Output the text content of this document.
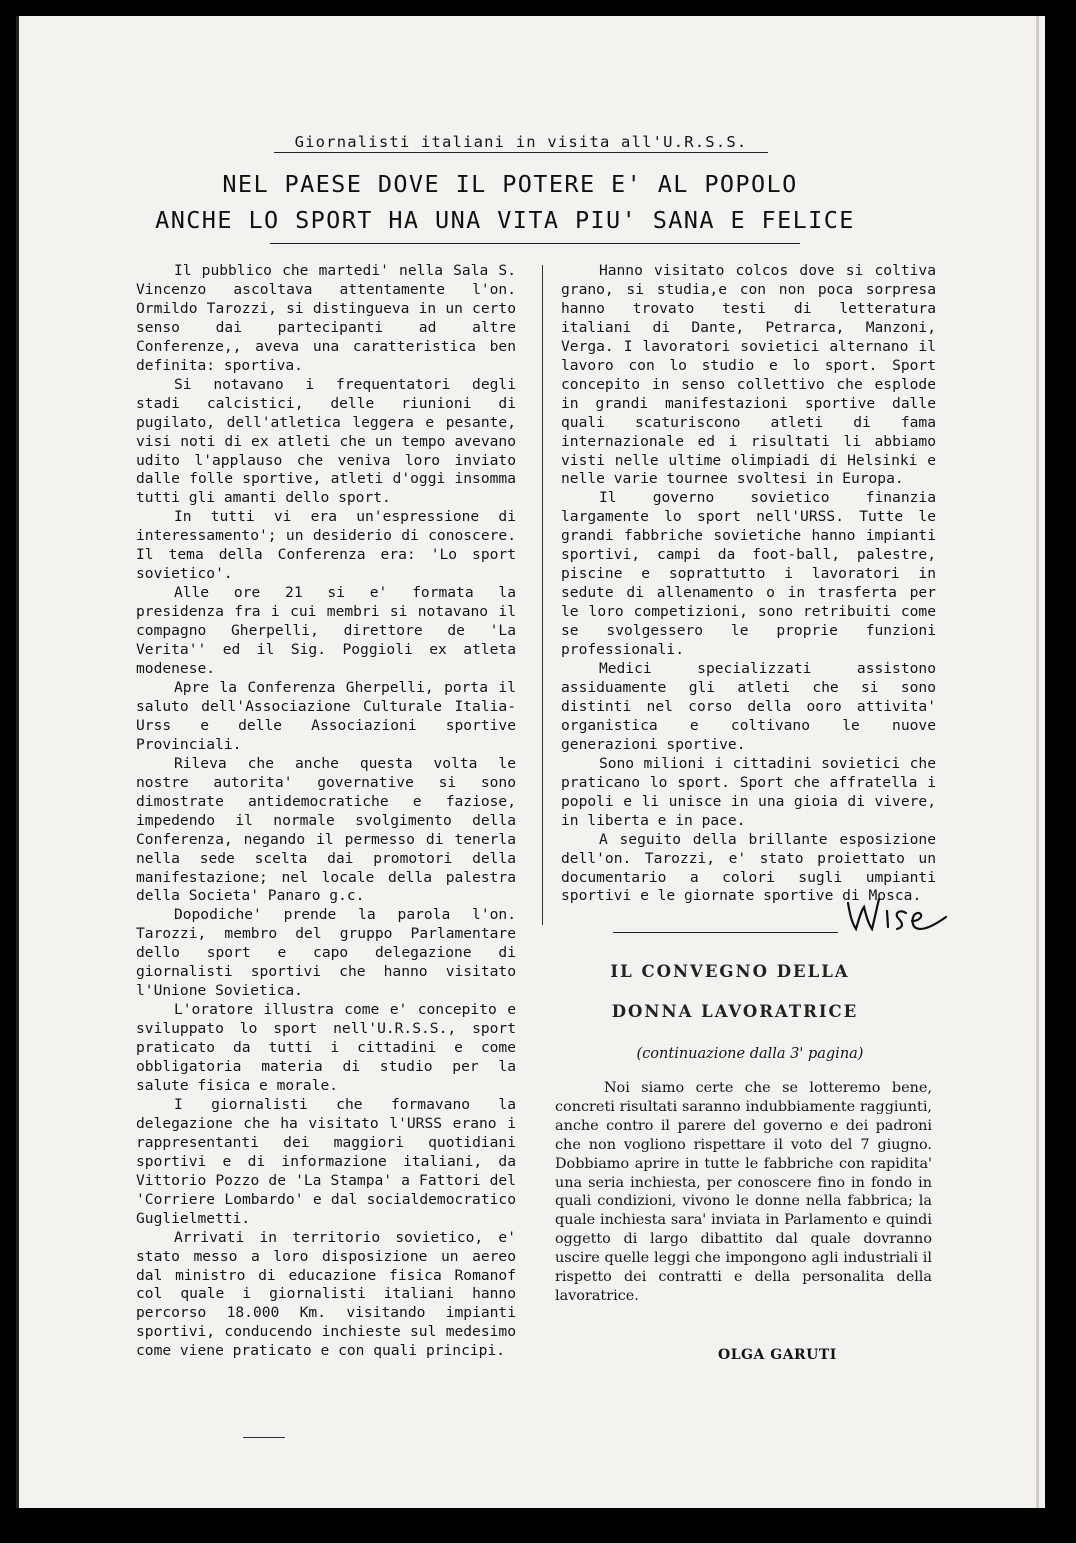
Giornalisti italiani in visita all'U.R.S.S.
NEL PAESE DOVE IL POTERE E' AL POPOLO
ANCHE LO SPORT HA UNA VITA PIU' SANA E FELICE

Il pubblico che martedi' nella Sala S. Vincenzo ascoltava attentamente l'on. Ormildo Tarozzi, si distingueva in un certo senso dai partecipanti ad altre Conferenze,, aveva una caratteristica ben definita: sportiva.

Si notavano i frequentatori degli stadi calcistici, delle riunioni di pugilato, dell'atletica leggera e pesante, visi noti di ex atleti che un tempo avevano udito l'applauso che veniva loro inviato dalle folle sportive, atleti d'oggi insomma tutti gli amanti dello sport.

In tutti vi era un'espressione di interessamento'; un desiderio di conoscere. Il tema della Conferenza era: 'Lo sport sovietico'.

Alle ore 21 si e' formata la presidenza fra i cui membri si notavano il compagno Gherpelli, direttore de 'La Verita'' ed il Sig. Poggioli ex atleta modenese.

Apre la Conferenza Gherpelli, porta il saluto dell'Associazione Culturale Italia-Urss e delle Associazioni sportive Provinciali.

Rileva che anche questa volta le nostre autorita' governative si sono dimostrate antidemocratiche e faziose, impedendo il normale svolgimento della Conferenza, negando il permesso di tenerla nella sede scelta dai promotori della manifestazione; nel locale della palestra della Societa' Panaro g.c.

Dopodiche' prende la parola l'on. Tarozzi, membro del gruppo Parlamentare dello sport e capo delegazione di giornalisti sportivi che hanno visitato l'Unione Sovietica.

L'oratore illustra come e' concepito e sviluppato lo sport nell'U.R.S.S., sport praticato da tutti i cittadini e come obbligatoria materia di studio per la salute fisica e morale.

I giornalisti che formavano la delegazione che ha visitato l'URSS erano i rappresentanti dei maggiori quotidiani sportivi e di informazione italiani, da Vittorio Pozzo de 'La Stampa' a Fattori del 'Corriere Lombardo' e dal socialdemocratico Guglielmetti.

Arrivati in territorio sovietico, e' stato messo a loro disposizione un aereo dal ministro di educazione fisica Romanof col quale i giornalisti italiani hanno percorso 18.000 Km. visitando impianti sportivi, conducendo inchieste sul medesimo come viene praticato e con quali principi.

Hanno visitato colcos dove si coltiva grano, si studia,e con non poca sorpresa hanno trovato testi di letteratura italiani di Dante, Petrarca, Manzoni, Verga. I lavoratori sovietici alternano il lavoro con lo studio e lo sport. Sport concepito in senso collettivo che esplode in grandi manifestazioni sportive dalle quali scaturiscono atleti di fama internazionale ed i risultati li abbiamo visti nelle ultime olimpiadi di Helsinki e nelle varie tournee svoltesi in Europa.

Il governo sovietico finanzia largamente lo sport nell'URSS. Tutte le grandi fabbriche sovietiche hanno impianti sportivi, campi da foot-ball, palestre, piscine e soprattutto i lavoratori in sedute di allenamento o in trasferta per le loro competizioni, sono retribuiti come se svolgessero le proprie funzioni professionali.

Medici specializzati assistono assiduamente gli atleti che si sono distinti nel corso della ooro attivita' organistica e coltivano le nuove generazioni sportive.

Sono milioni i cittadini sovietici che praticano lo sport. Sport che affratella i popoli e li unisce in una gioia di vivere, in liberta e in pace.

A seguito della brillante esposizione dell'on. Tarozzi, e' stato proiettato un documentario a colori sugli umpianti sportivi e le giornate sportive di Mosca.

IL CONVEGNO DELLA
DONNA LAVORATRICE
(continuazione dalla 3' pagina)

Noi siamo certe che se lotteremo bene, concreti risultati saranno indubbiamente raggiunti, anche contro il parere del governo e dei padroni che non vogliono rispettare il voto del 7 giugno. Dobbiamo aprire in tutte le fabbriche con rapidita' una seria inchiesta, per conoscere fino in fondo in quali condizioni, vivono le donne nella fabbrica; la quale inchiesta sara' inviata in Parlamento e quindi oggetto di largo dibattito dal quale dovranno uscire quelle leggi che impongono agli industriali il rispetto dei contratti e della personalita della lavoratrice.

OLGA GARUTI
